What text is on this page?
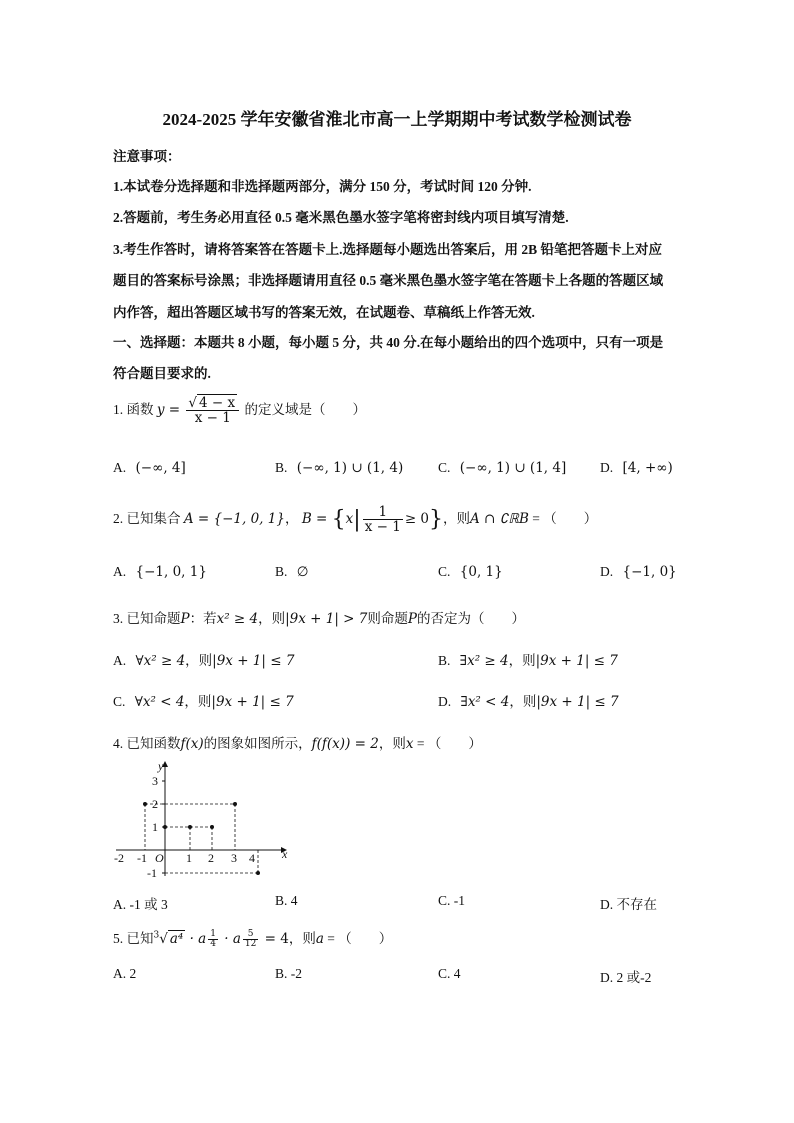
2024-2025 学年安徽省淮北市高一上学期期中考试数学检测试卷
注意事项：
1.本试卷分选择题和非选择题两部分，满分 150 分，考试时间 120 分钟.
2.答题前，考生务必用直径 0.5 毫米黑色墨水签字笔将密封线内项目填写清楚.
3.考生作答时，请将答案答在答题卡上.选择题每小题选出答案后，用 2B 铅笔把答题卡上对应
题目的答案标号涂黑；非选择题请用直径 0.5 毫米黑色墨水签字笔在答题卡上各题的答题区域
内作答，超出答题区域书写的答案无效，在试题卷、草稿纸上作答无效.
一、选择题：本题共 8 小题，每小题 5 分，共 40 分.在每小题给出的四个选项中，只有一项是
符合题目要求的.
1. 函数 $y = \frac{√ 4 - x}{x - 1}$ 的定义域是（　　）
A. (−∞, 4]	B. (−∞, 1) ∪ (1, 4)	C. (−∞, 1) ∪ (1, 4]	D. [4, +∞)
2. 已知集合 A = {−1, 0, 1}， $B = \{x| \frac{1}{x - 1} \ge 0\}$，则A ∩ ∁ℝB = （　　）
A. {−1, 0, 1}	B. ∅	C. {0, 1}	D. {−1, 0}
3. 已知命题P：若x² ≥ 4，则|9x + 1| > 7则命题P的否定为（　　）
A. ∀x² ≥ 4，则|9x + 1| ≤ 7	B. ∃x² ≥ 4，则|9x + 1| ≤ 7
C. ∀x² < 4，则|9x + 1| ≤ 7	D. ∃x² < 4，则|9x + 1| ≤ 7
4. 已知函数f(x)的图象如图所示，f(f(x)) = 2，则x = （　　）
y
x
O
3
2
1
-1
-2 -1	1 2 3 4
A. -1 或 3	B. 4	C. -1	D. 不存在
5. 已知$^3$√ a⁴ · a $\frac{1}{4} \cdot a \frac{5}{12} = 4$，则a = （　　）
A. 2	B. -2	C. 4	D. 2 或-2
